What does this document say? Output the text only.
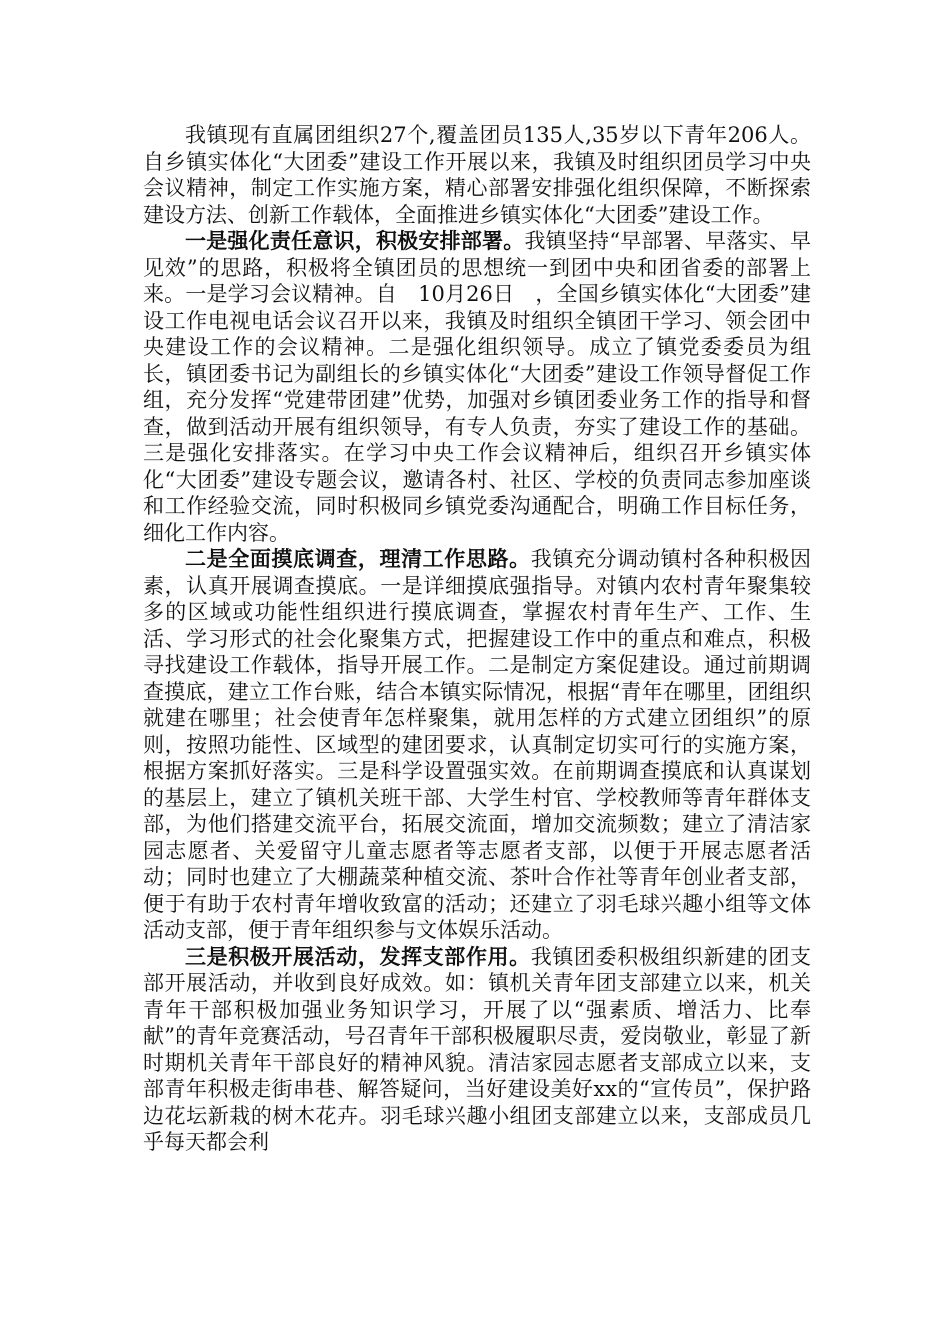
我镇现有直属团组织27个,覆盖团员135人,35岁以下青年206人。自乡镇实体化“大团委”建设工作开展以来，我镇及时组织团员学习中央会议精神，制定工作实施方案，精心部署安排强化组织保障，不断探索建设方法、创新工作载体，全面推进乡镇实体化“大团委”建设工作。

一是强化责任意识，积极安排部署。我镇坚持“早部署、早落实、早见效”的思路，积极将全镇团员的思想统一到团中央和团省委的部署上来。一是学习会议精神。自　10月26日　，全国乡镇实体化“大团委”建设工作电视电话会议召开以来，我镇及时组织全镇团干学习、领会团中央建设工作的会议精神。二是强化组织领导。成立了镇党委委员为组长，镇团委书记为副组长的乡镇实体化“大团委”建设工作领导督促工作组，充分发挥“党建带团建”优势，加强对乡镇团委业务工作的指导和督查，做到活动开展有组织领导，有专人负责，夯实了建设工作的基础。三是强化安排落实。在学习中央工作会议精神后，组织召开乡镇实体化“大团委”建设专题会议，邀请各村、社区、学校的负责同志参加座谈和工作经验交流，同时积极同乡镇党委沟通配合，明确工作目标任务，细化工作内容。

二是全面摸底调查，理清工作思路。我镇充分调动镇村各种积极因素，认真开展调查摸底。一是详细摸底强指导。对镇内农村青年聚集较多的区域或功能性组织进行摸底调查，掌握农村青年生产、工作、生活、学习形式的社会化聚集方式，把握建设工作中的重点和难点，积极寻找建设工作载体，指导开展工作。二是制定方案促建设。通过前期调查摸底，建立工作台账，结合本镇实际情况，根据“青年在哪里，团组织就建在哪里；社会使青年怎样聚集，就用怎样的方式建立团组织”的原则，按照功能性、区域型的建团要求，认真制定切实可行的实施方案，根据方案抓好落实。三是科学设置强实效。在前期调查摸底和认真谋划的基层上，建立了镇机关班干部、大学生村官、学校教师等青年群体支部，为他们搭建交流平台，拓展交流面，增加交流频数；建立了清洁家园志愿者、关爱留守儿童志愿者等志愿者支部，以便于开展志愿者活动；同时也建立了大棚蔬菜种植交流、茶叶合作社等青年创业者支部，便于有助于农村青年增收致富的活动；还建立了羽毛球兴趣小组等文体活动支部，便于青年组织参与文体娱乐活动。

三是积极开展活动，发挥支部作用。我镇团委积极组织新建的团支部开展活动，并收到良好成效。如：镇机关青年团支部建立以来，机关青年干部积极加强业务知识学习，开展了以“强素质、增活力、比奉献”的青年竞赛活动，号召青年干部积极履职尽责，爱岗敬业，彰显了新时期机关青年干部良好的精神风貌。清洁家园志愿者支部成立以来，支部青年积极走街串巷、解答疑问，当好建设美好xx的“宣传员”，保护路边花坛新栽的树木花卉。羽毛球兴趣小组团支部建立以来，支部成员几乎每天都会利
